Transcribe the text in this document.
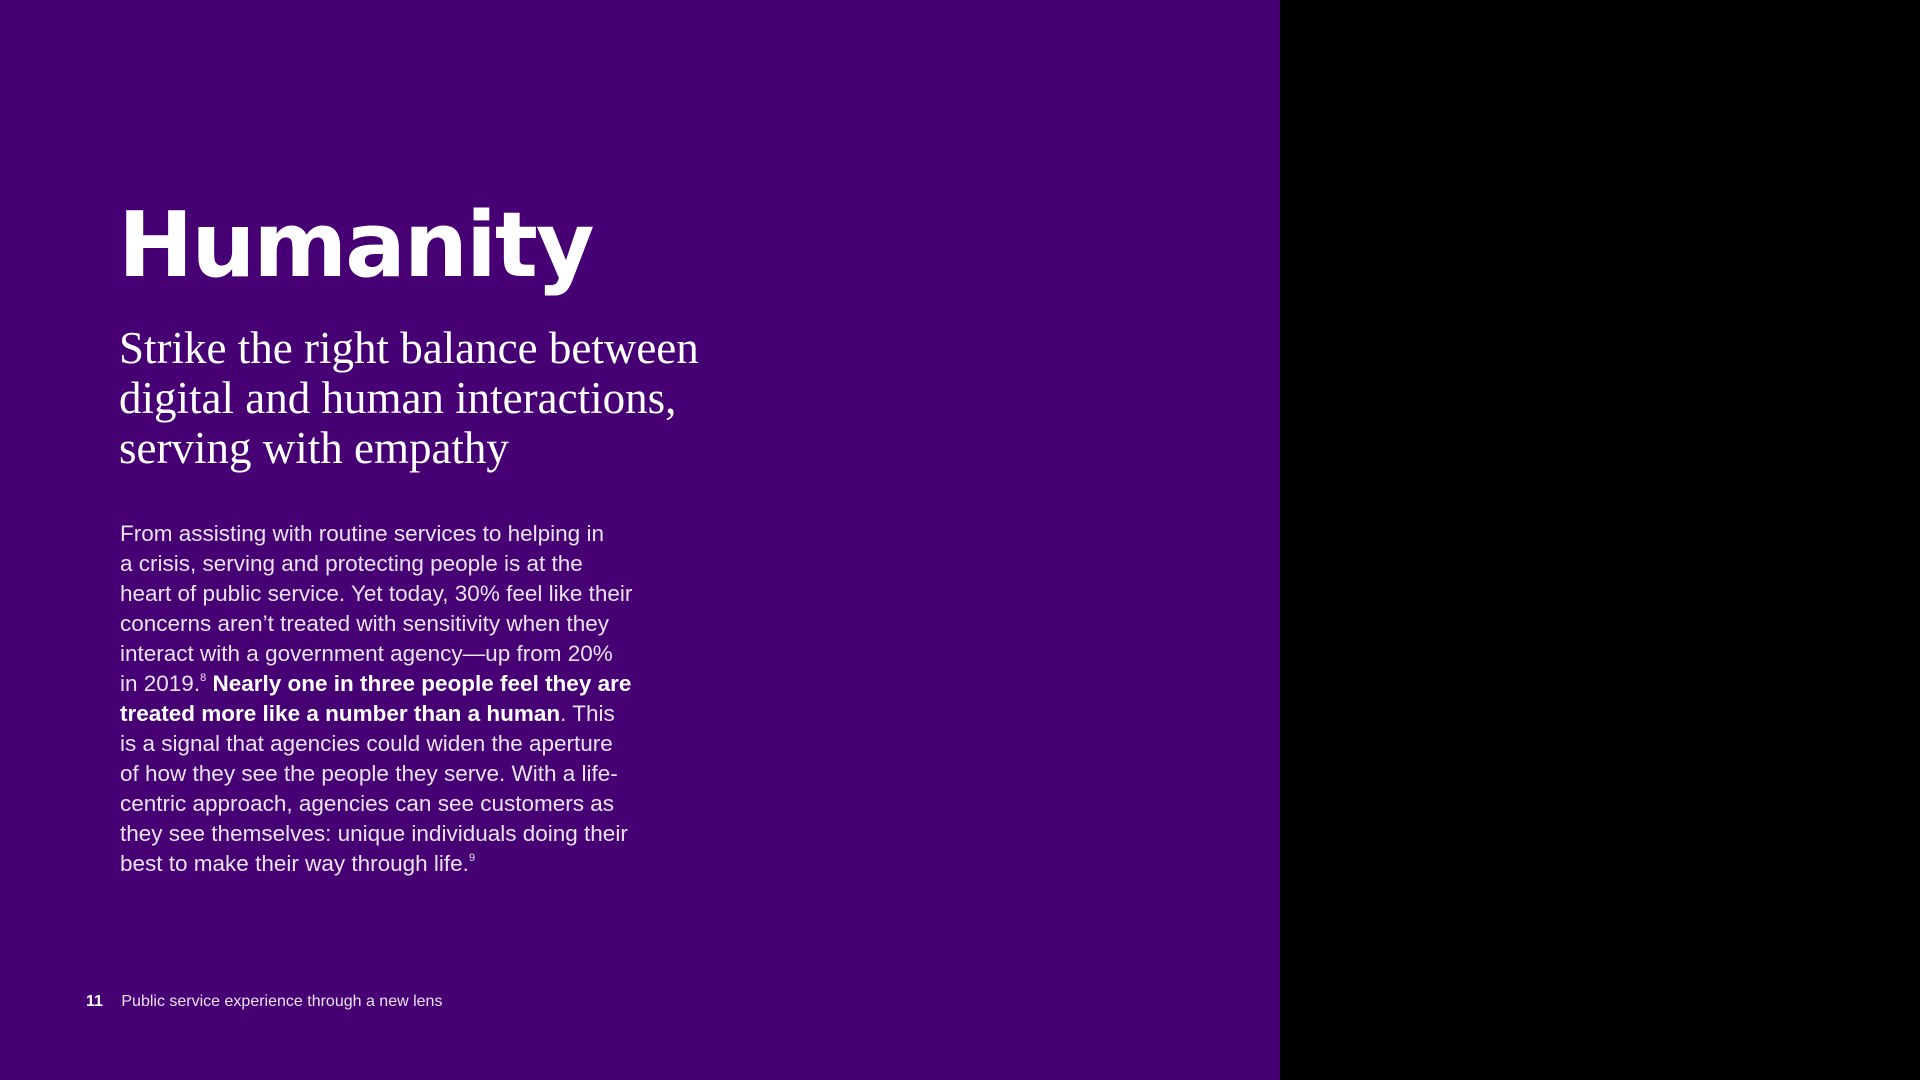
Humanity
Strike the right balance between
digital and human interactions,
serving with empathy

From assisting with routine services to helping in
a crisis, serving and protecting people is at the
heart of public service. Yet today, 30% feel like their
concerns aren’t treated with sensitivity when they
interact with a government agency—up from 20%
in 2019.$^8$ Nearly one in three people feel they are
treated more like a number than a human. This
is a signal that agencies could widen the aperture
of how they see the people they serve. With a life-
centric approach, agencies can see customers as
they see themselves: unique individuals doing their
best to make their way through life.$^9$

11 Public service experience through a new lens
